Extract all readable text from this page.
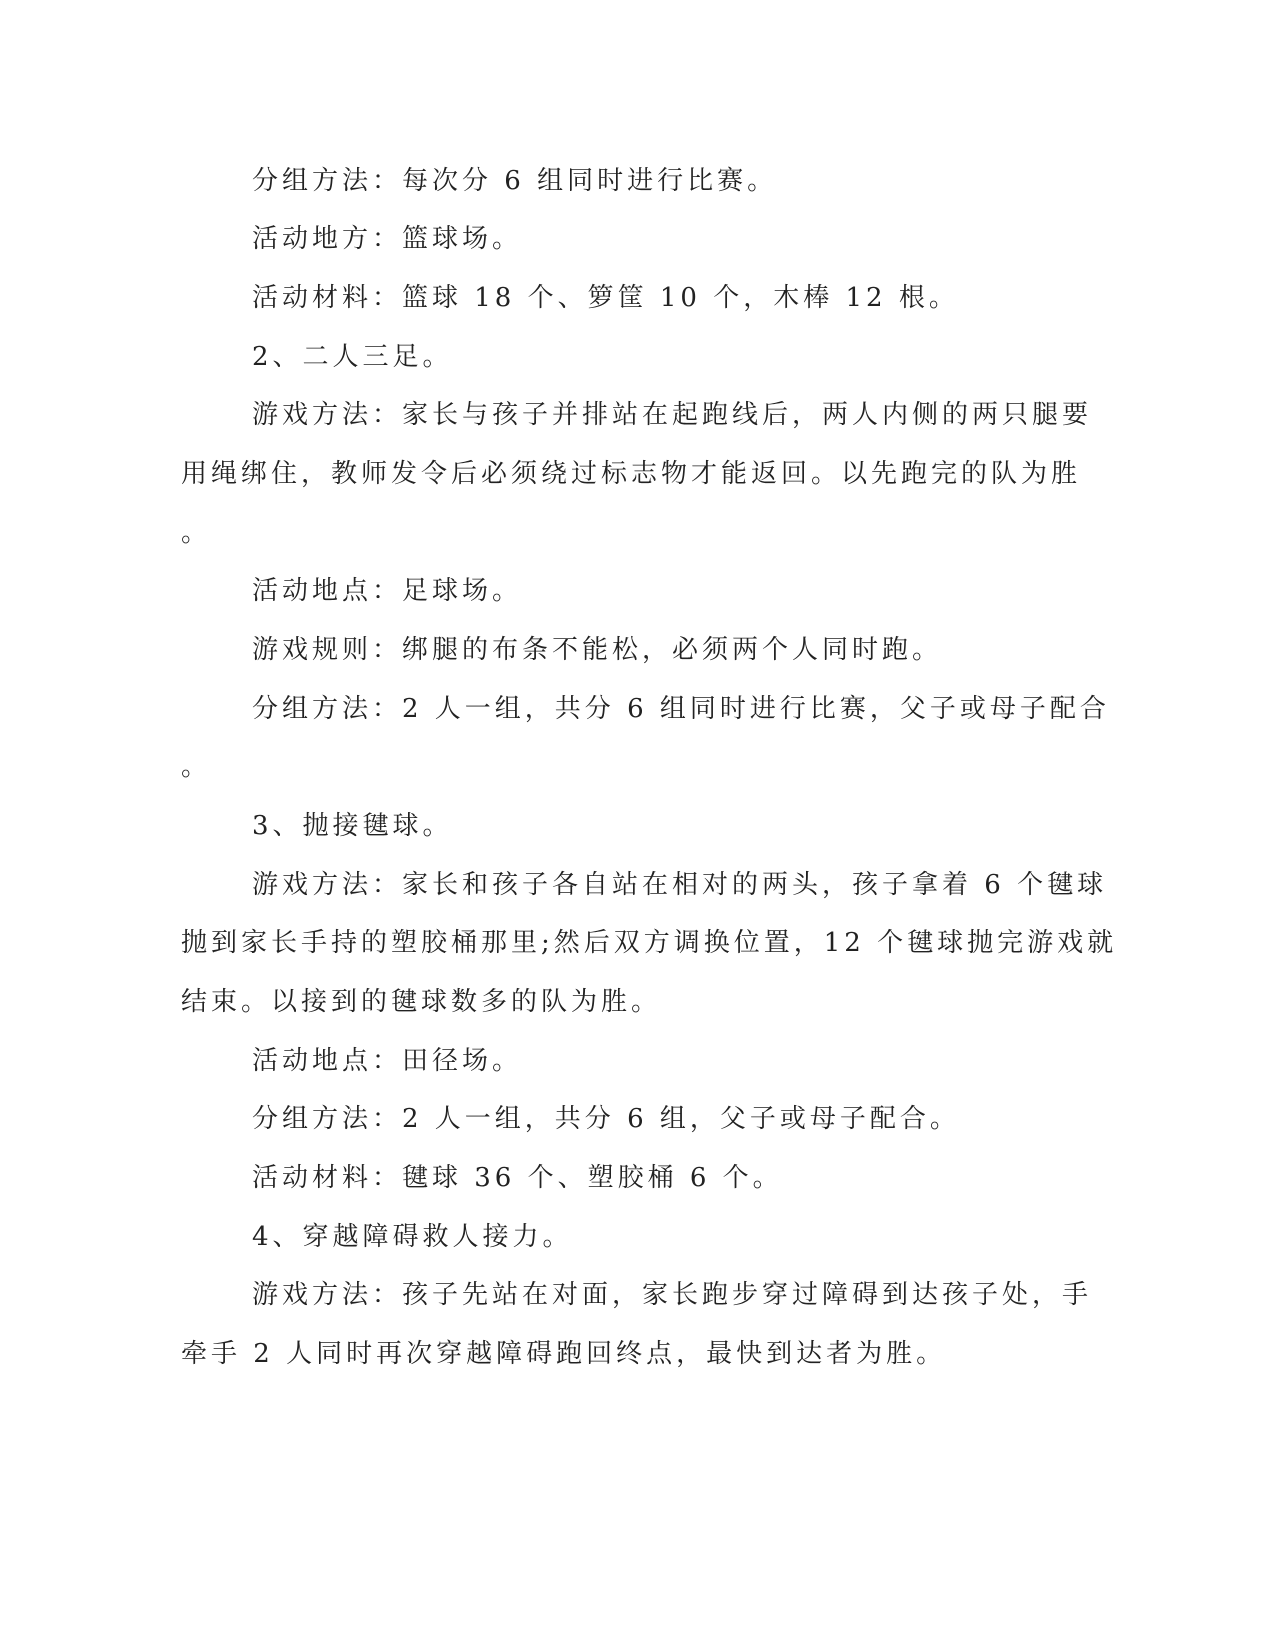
分组方法：每次分 6 组同时进行比赛。
活动地方：篮球场。
活动材料：篮球 18 个、箩筐 10 个，木棒 12 根。
2、二人三足。
游戏方法：家长与孩子并排站在起跑线后，两人内侧的两只腿要
用绳绑住，教师发令后必须绕过标志物才能返回。以先跑完的队为胜
。
活动地点：足球场。
游戏规则：绑腿的布条不能松，必须两个人同时跑。
分组方法：2 人一组，共分 6 组同时进行比赛，父子或母子配合
。
3、抛接毽球。
游戏方法：家长和孩子各自站在相对的两头，孩子拿着 6 个毽球
抛到家长手持的塑胶桶那里;然后双方调换位置，12 个毽球抛完游戏就
结束。以接到的毽球数多的队为胜。
活动地点：田径场。
分组方法：2 人一组，共分 6 组，父子或母子配合。
活动材料：毽球 36 个、塑胶桶 6 个。
4、穿越障碍救人接力。
游戏方法：孩子先站在对面，家长跑步穿过障碍到达孩子处，手
牵手 2 人同时再次穿越障碍跑回终点，最快到达者为胜。
